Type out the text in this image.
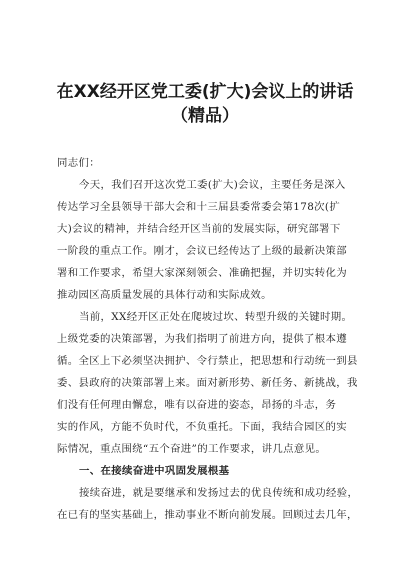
在XX经开区党工委(扩大)会议上的讲话
（精品）
同志们：
今天，我们召开这次党工委(扩大)会议，主要任务是深入
传达学习全县领导干部大会和十三届县委常委会第178次(扩
大)会议的精神，并结合经开区当前的发展实际，研究部署下
一阶段的重点工作。刚才，会议已经传达了上级的最新决策部
署和工作要求，希望大家深刻领会、准确把握，并切实转化为
推动园区高质量发展的具体行动和实际成效。
当前，XX经开区正处在爬坡过坎、转型升级的关键时期。
上级党委的决策部署，为我们指明了前进方向，提供了根本遵
循。全区上下必须坚决拥护、令行禁止，把思想和行动统一到县
委、县政府的决策部署上来。面对新形势、新任务、新挑战，我
们没有任何理由懈怠，唯有以奋进的姿态，昂扬的斗志，务
实的作风，方能不负时代，不负重托。下面，我结合园区的实
际情况，重点围绕“五个奋进”的工作要求，讲几点意见。
一、在接续奋进中巩固发展根基
接续奋进，就是要继承和发扬过去的优良传统和成功经验，
在已有的坚实基础上，推动事业不断向前发展。回顾过去几年，
